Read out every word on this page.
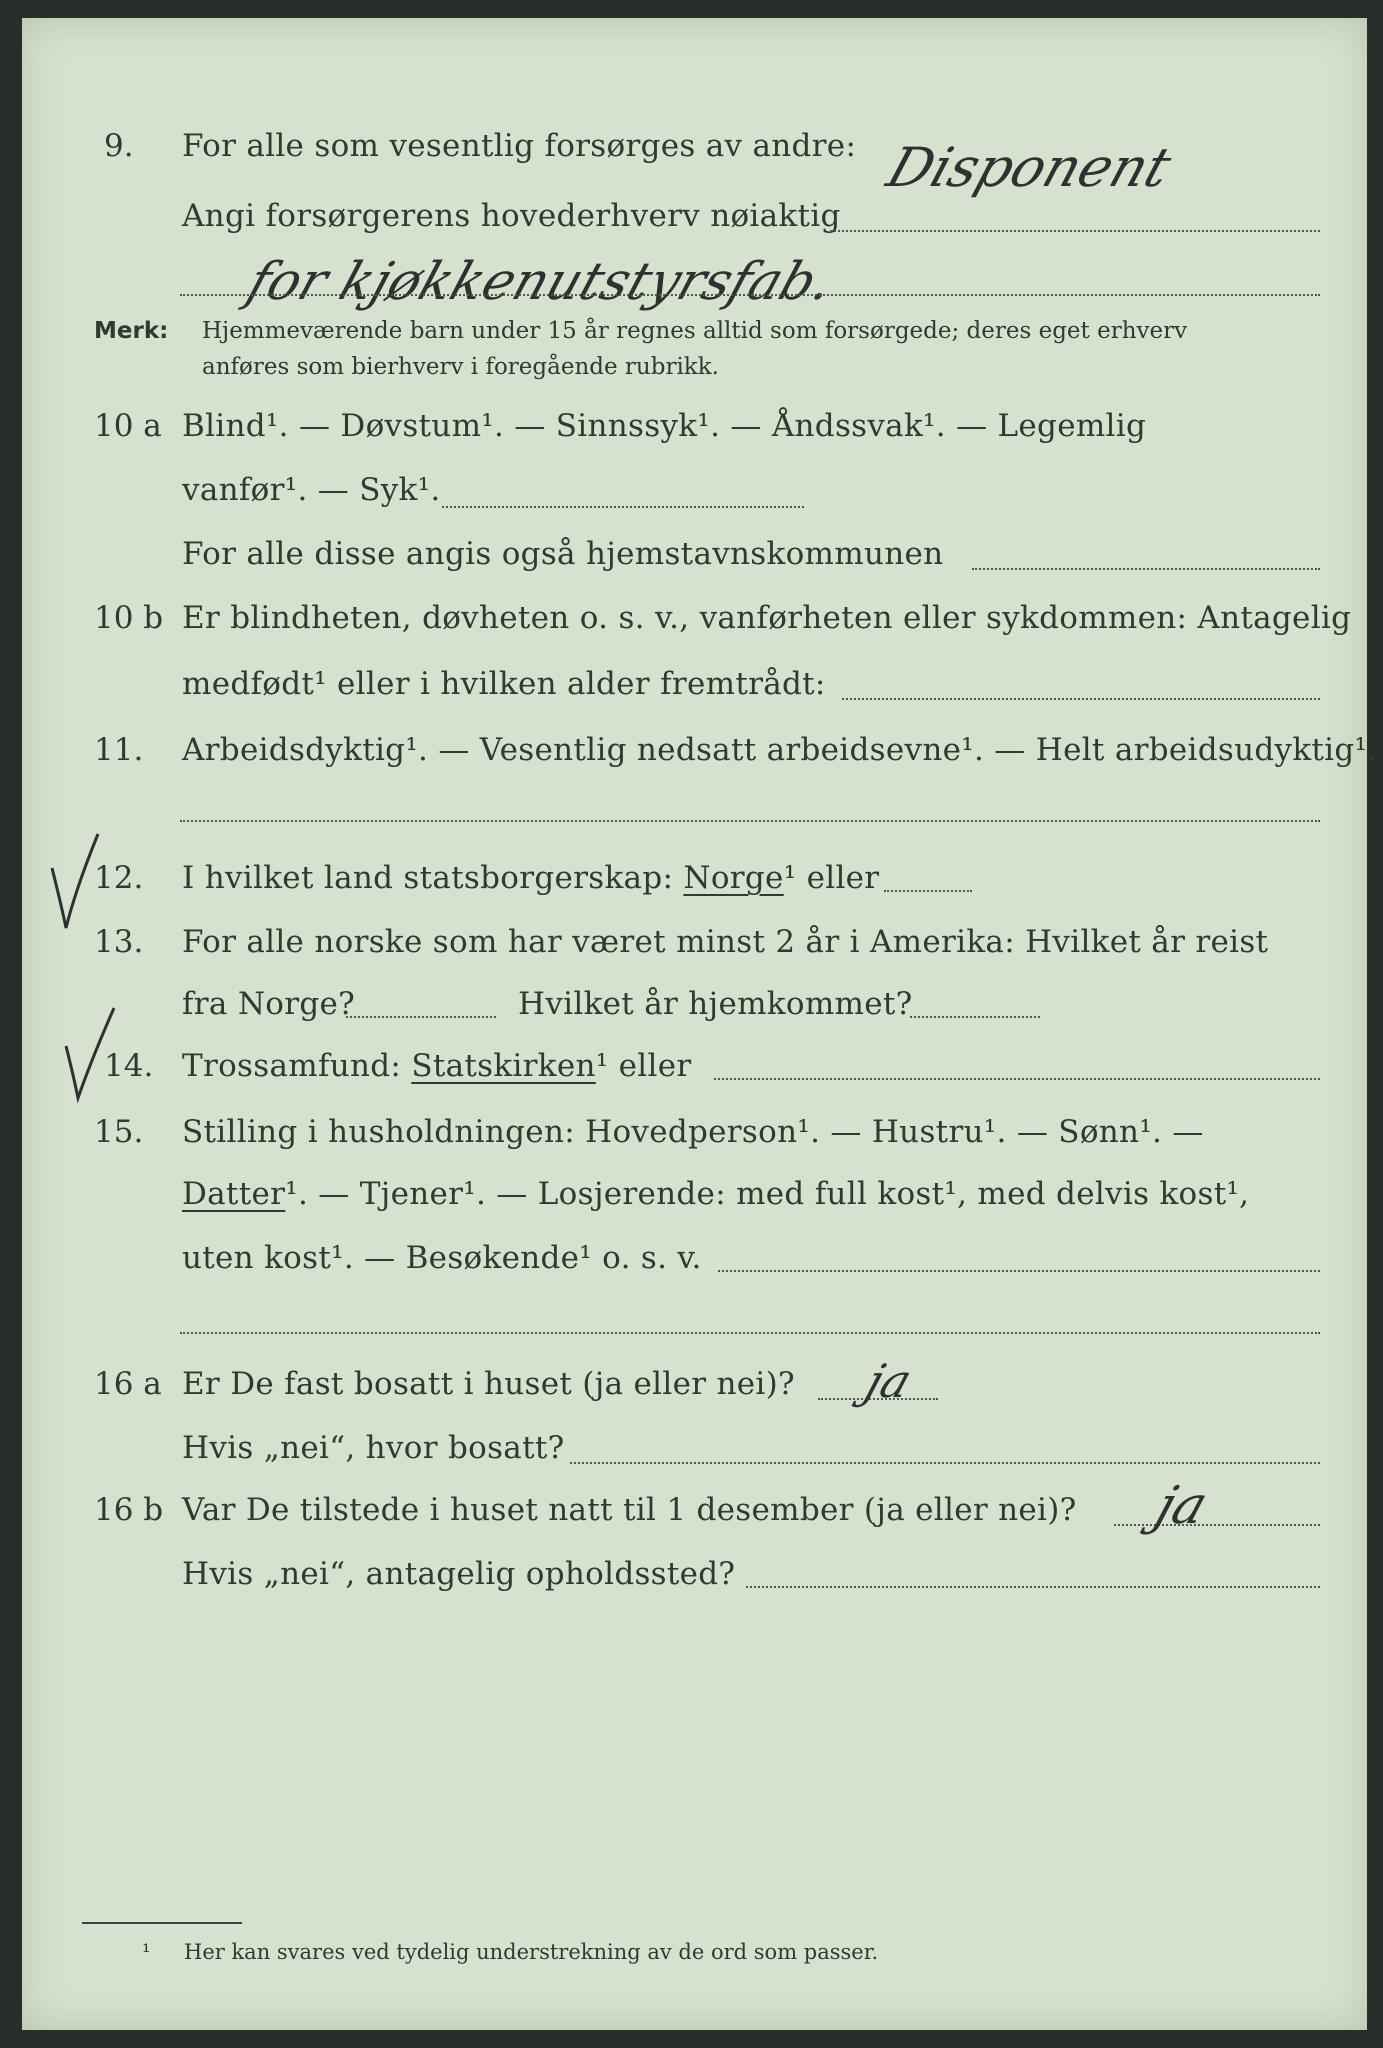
9. For alle som vesentlig forsørges av andre: Disponent
Angi forsørgerens hovederhverv nøiaktig
for kjøkkenutstyrsfab.
Merk: Hjemmeværende barn under 15 år regnes alltid som forsørgede; deres eget erhverv
anføres som bierhverv i foregående rubrikk.
10 a Blind¹. — Døvstum¹. — Sinnssyk¹. — Åndssvak¹. — Legemlig
vanfør¹. — Syk¹.
For alle disse angis også hjemstavnskommunen
10 b Er blindheten, døvheten o. s. v., vanførheten eller sykdommen: Antagelig
medfødt¹ eller i hvilken alder fremtrådt:
11. Arbeidsdyktig¹. — Vesentlig nedsatt arbeidsevne¹. — Helt arbeidsudyktig¹.
12. I hvilket land statsborgerskap: Norge¹ eller
13. For alle norske som har været minst 2 år i Amerika: Hvilket år reist
fra Norge?	Hvilket år hjemkommet?
14. Trossamfund: Statskirken¹ eller
15. Stilling i husholdningen: Hovedperson¹. — Hustru¹. — Sønn¹. —
Datter¹. — Tjener¹. — Losjerende: med full kost¹, med delvis kost¹,
uten kost¹. — Besøkende¹ o. s. v.
16 a Er De fast bosatt i huset (ja eller nei)? ja
Hvis „nei“, hvor bosatt?
16 b Var De tilstede i huset natt til 1 desember (ja eller nei)? ja
Hvis „nei“, antagelig opholdssted?
¹ Her kan svares ved tydelig understrekning av de ord som passer.
